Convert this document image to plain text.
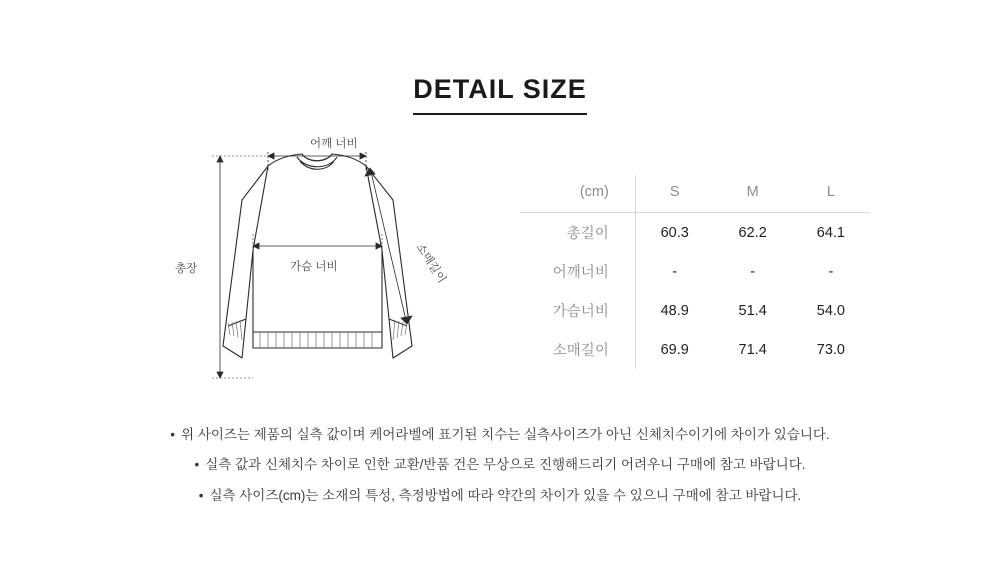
DETAIL SIZE
어깨 너비
가슴 너비
총장	소매길이
(cm)	S	M	L
총길이	60.3	62.2	64.1
어깨너비	-	-	-
가슴너비	48.9	51.4	54.0
소매길이	69.9	71.4	73.0
• 위 사이즈는 제품의 실측 값이며 케어라벨에 표기된 치수는 실측사이즈가 아닌 신체치수이기에 차이가 있습니다.
• 실측 값과 신체치수 차이로 인한 교환/반품 건은 무상으로 진행해드리기 어려우니 구매에 참고 바랍니다.
• 실측 사이즈(cm)는 소재의 특성, 측정방법에 따라 약간의 차이가 있을 수 있으니 구매에 참고 바랍니다.
